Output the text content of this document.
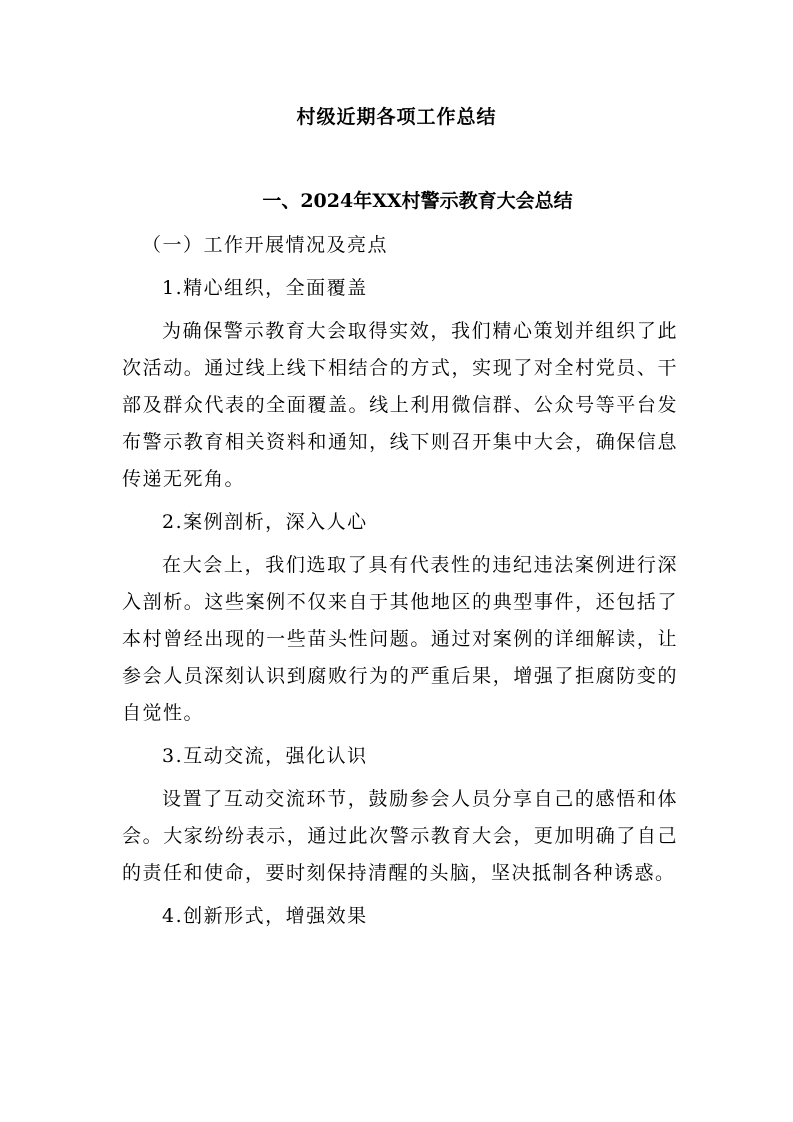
村级近期各项工作总结
一、2024年XX村警示教育大会总结

（一）工作开展情况及亮点

1.精心组织，全面覆盖

为确保警示教育大会取得实效，我们精心策划并组织了此次活动。通过线上线下相结合的方式，实现了对全村党员、干部及群众代表的全面覆盖。线上利用微信群、公众号等平台发布警示教育相关资料和通知，线下则召开集中大会，确保信息传递无死角。

2.案例剖析，深入人心

在大会上，我们选取了具有代表性的违纪违法案例进行深入剖析。这些案例不仅来自于其他地区的典型事件，还包括了本村曾经出现的一些苗头性问题。通过对案例的详细解读，让参会人员深刻认识到腐败行为的严重后果，增强了拒腐防变的自觉性。

3.互动交流，强化认识

设置了互动交流环节，鼓励参会人员分享自己的感悟和体会。大家纷纷表示，通过此次警示教育大会，更加明确了自己的责任和使命，要时刻保持清醒的头脑，坚决抵制各种诱惑。

4.创新形式，增强效果
